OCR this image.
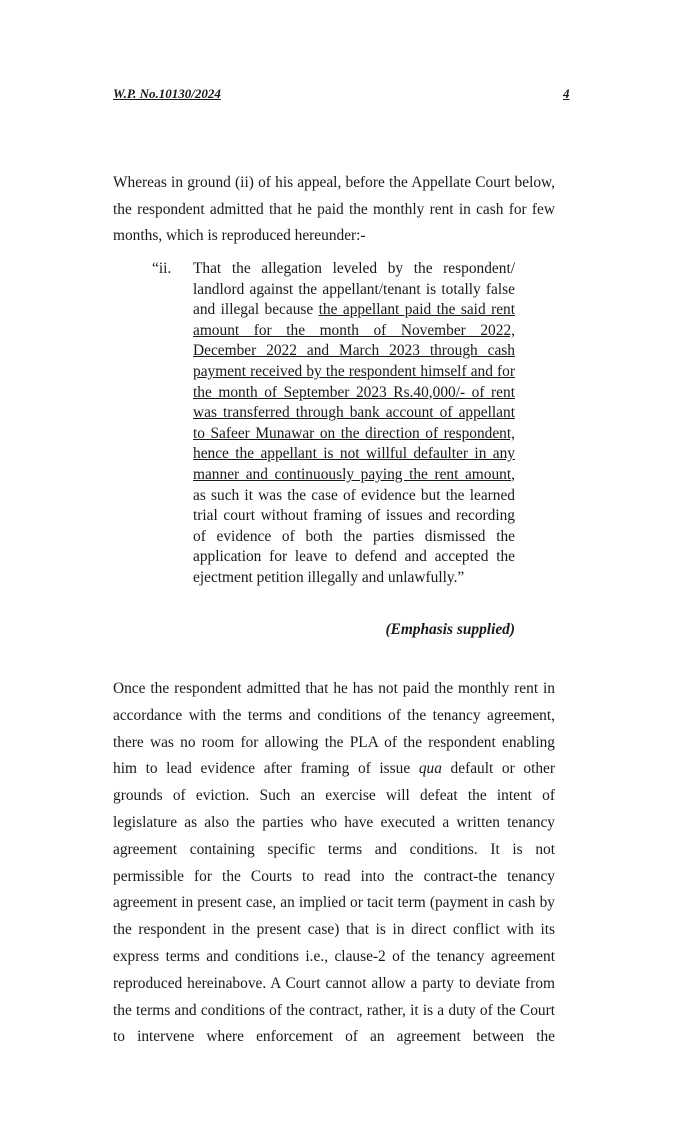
W.P. No.10130/2024	4

Whereas in ground (ii) of his appeal, before the Appellate Court below, the respondent admitted that he paid the monthly rent in cash for few months, which is reproduced hereunder:-

“ii. That the allegation leveled by the respondent/ landlord against the appellant/tenant is totally false and illegal because the appellant paid the said rent amount for the month of November 2022, December 2022 and March 2023 through cash payment received by the respondent himself and for the month of September 2023 Rs.40,000/- of rent was transferred through bank account of appellant to Safeer Munawar on the direction of respondent, hence the appellant is not willful defaulter in any manner and continuously paying the rent amount, as such it was the case of evidence but the learned trial court without framing of issues and recording of evidence of both the parties dismissed the application for leave to defend and accepted the ejectment petition illegally and unlawfully.”

(Emphasis supplied)

Once the respondent admitted that he has not paid the monthly rent in accordance with the terms and conditions of the tenancy agreement, there was no room for allowing the PLA of the respondent enabling him to lead evidence after framing of issue qua default or other grounds of eviction. Such an exercise will defeat the intent of legislature as also the parties who have executed a written tenancy agreement containing specific terms and conditions. It is not permissible for the Courts to read into the contract-the tenancy agreement in present case, an implied or tacit term (payment in cash by the respondent in the present case) that is in direct conflict with its express terms and conditions i.e., clause-2 of the tenancy agreement reproduced hereinabove. A Court cannot allow a party to deviate from the terms and conditions of the contract, rather, it is a duty of the Court to intervene where enforcement of an agreement between the
